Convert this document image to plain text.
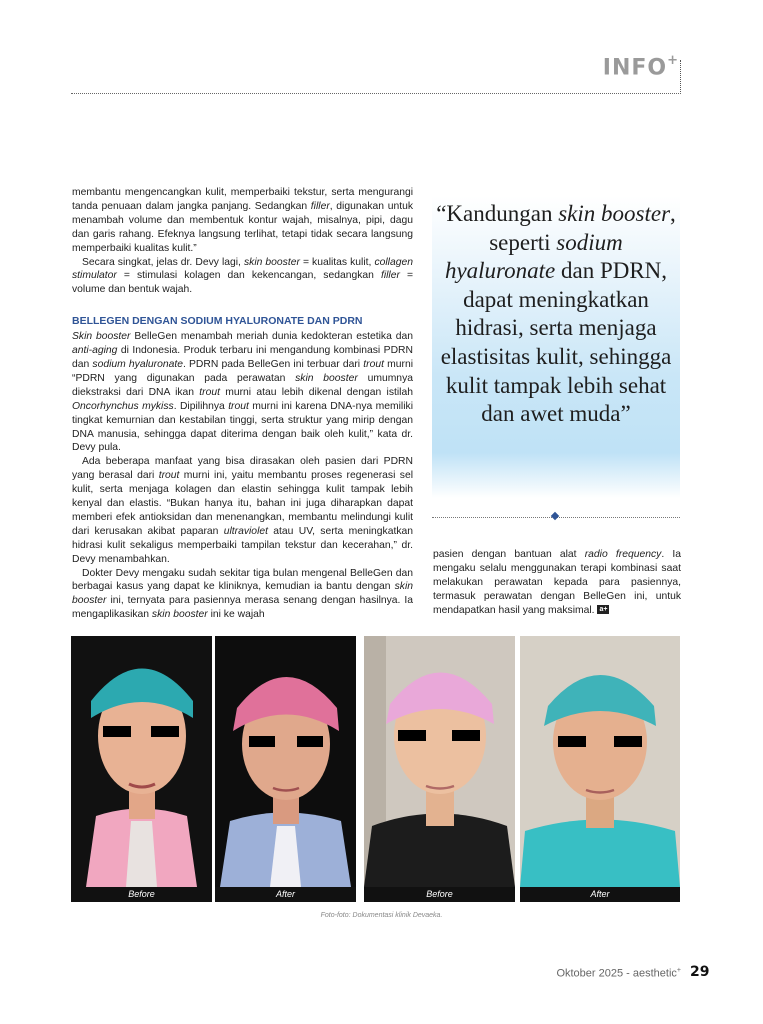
INFO+

membantu mengencangkan kulit, memperbaiki tekstur, serta mengurangi tanda penuaan dalam jangka panjang. Sedangkan filler, digunakan untuk menambah volume dan membentuk kontur wajah, misalnya, pipi, dagu dan garis rahang. Efeknya langsung terlihat, tetapi tidak secara langsung memperbaiki kualitas kulit.”

Secara singkat, jelas dr. Devy lagi, skin booster = kualitas kulit, collagen stimulator = stimulasi kolagen dan kekencangan, sedangkan filler = volume dan bentuk wajah.

BELLEGEN DENGAN SODIUM HYALURONATE DAN PDRN

Skin booster BelleGen menambah meriah dunia kedokteran estetika dan anti-aging di Indonesia. Produk terbaru ini mengandung kombinasi PDRN dan sodium hyaluronate. PDRN pada BelleGen ini terbuar dari trout murni “PDRN yang digunakan pada perawatan skin booster umumnya diekstraksi dari DNA ikan trout murni atau lebih dikenal dengan istilah Oncorhynchus mykiss. Dipilihnya trout murni ini karena DNA-nya memiliki tingkat kemurnian dan kestabilan tinggi, serta struktur yang mirip dengan DNA manusia, sehingga dapat diterima dengan baik oleh kulit,” kata dr. Devy pula.

Ada beberapa manfaat yang bisa dirasakan oleh pasien dari PDRN yang berasal dari trout murni ini, yaitu membantu proses regenerasi sel kulit, serta menjaga kolagen dan elastin sehingga kulit tampak lebih kenyal dan elastis. “Bukan hanya itu, bahan ini juga diharapkan dapat memberi efek antioksidan dan menenangkan, membantu melindungi kulit dari kerusakan akibat paparan ultraviolet atau UV, serta meningkatkan hidrasi kulit sekaligus memperbaiki tampilan tekstur dan kecerahan,” dr. Devy menambahkan.

Dokter Devy mengaku sudah sekitar tiga bulan mengenal BelleGen dan berbagai kasus yang dapat ke kliniknya, kemudian ia bantu dengan skin booster ini, ternyata para pasiennya merasa senang dengan hasilnya. Ia mengaplikasikan skin booster ini ke wajah

“Kandungan skin booster, seperti sodium hyaluronate dan PDRN, dapat meningkatkan hidrasi, serta menjaga elastisitas kulit, sehingga kulit tampak lebih sehat dan awet muda”

pasien dengan bantuan alat radio frequency. Ia mengaku selalu menggunakan terapi kombinasi saat melakukan perawatan kepada para pasiennya, termasuk perawatan dengan BelleGen ini, untuk mendapatkan hasil yang maksimal. a+

Before	After	Before	After
Foto-foto: Dokumentasi klinik Devaeka.
Oktober 2025 - aesthetic+ 29
